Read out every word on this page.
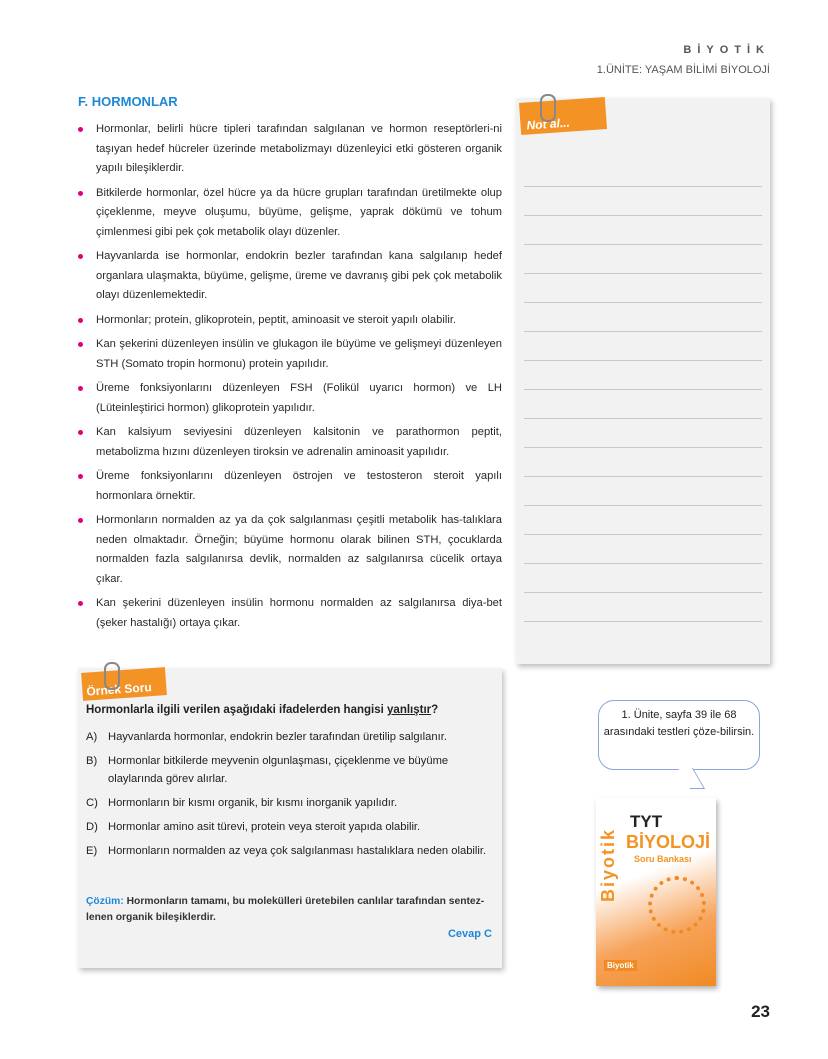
BİYOTİK
1.ÜNİTE: YAŞAM BİLİMİ BİYOLOJİ
F. HORMONLAR
Hormonlar, belirli hücre tipleri tarafından salgılanan ve hormon reseptörleri-ni taşıyan hedef hücreler üzerinde metabolizmayı düzenleyici etki gösteren organik yapılı bileşiklerdir.
Bitkilerde hormonlar, özel hücre ya da hücre grupları tarafından üretilmekte olup çiçeklenme, meyve oluşumu, büyüme, gelişme, yaprak dökümü ve tohum çimlenmesi gibi pek çok metabolik olayı düzenler.
Hayvanlarda ise hormonlar, endokrin bezler tarafından kana salgılanıp hedef organlara ulaşmakta, büyüme, gelişme, üreme ve davranış gibi pek çok metabolik olayı düzenlemektedir.
Hormonlar; protein, glikoprotein, peptit, aminoasit ve steroit yapılı olabilir.
Kan şekerini düzenleyen insülin ve glukagon ile büyüme ve gelişmeyi düzenleyen STH (Somato tropin hormonu) protein yapılıdır.
Üreme fonksiyonlarını düzenleyen FSH (Folikül uyarıcı hormon) ve LH (Lüteinleştirici hormon) glikoprotein yapılıdır.
Kan kalsiyum seviyesini düzenleyen kalsitonin ve parathormon peptit, metabolizma hızını düzenleyen tiroksin ve adrenalin aminoasit yapılıdır.
Üreme fonksiyonlarını düzenleyen östrojen ve testosteron steroit yapılı hormonlara örnektir.
Hormonların normalden az ya da çok salgılanması çeşitli metabolik has-talıklara neden olmaktadır. Örneğin; büyüme hormonu olarak bilinen STH, çocuklarda normalden fazla salgılanırsa devlik, normalden az salgılanırsa cücelik ortaya çıkar.
Kan şekerini düzenleyen insülin hormonu normalden az salgılanırsa diya-bet (şeker hastalığı) ortaya çıkar.
Not al...
Örnek Soru
Hormonlarla ilgili verilen aşağıdaki ifadelerden hangisi yanlıştır?
A) Hayvanlarda hormonlar, endokrin bezler tarafından üretilip salgılanır.
B) Hormonlar bitkilerde meyvenin olgunlaşması, çiçeklenme ve büyüme olaylarında görev alırlar.
C) Hormonların bir kısmı organik, bir kısmı inorganik yapılıdır.
D) Hormonlar amino asit türevi, protein veya steroit yapıda olabilir.
E) Hormonların normalden az veya çok salgılanması hastalıklara neden olabilir.
Çözüm: Hormonların tamamı, bu molekülleri üretebilen canlılar tarafından sentez-lenen organik bileşiklerdir.
Cevap C
1. Ünite, sayfa 39 ile 68 arasındaki testleri çöze-bilirsin.
Biyotik
TYT
BİYOLOJİ
Soru Bankası
Biyotik
23
